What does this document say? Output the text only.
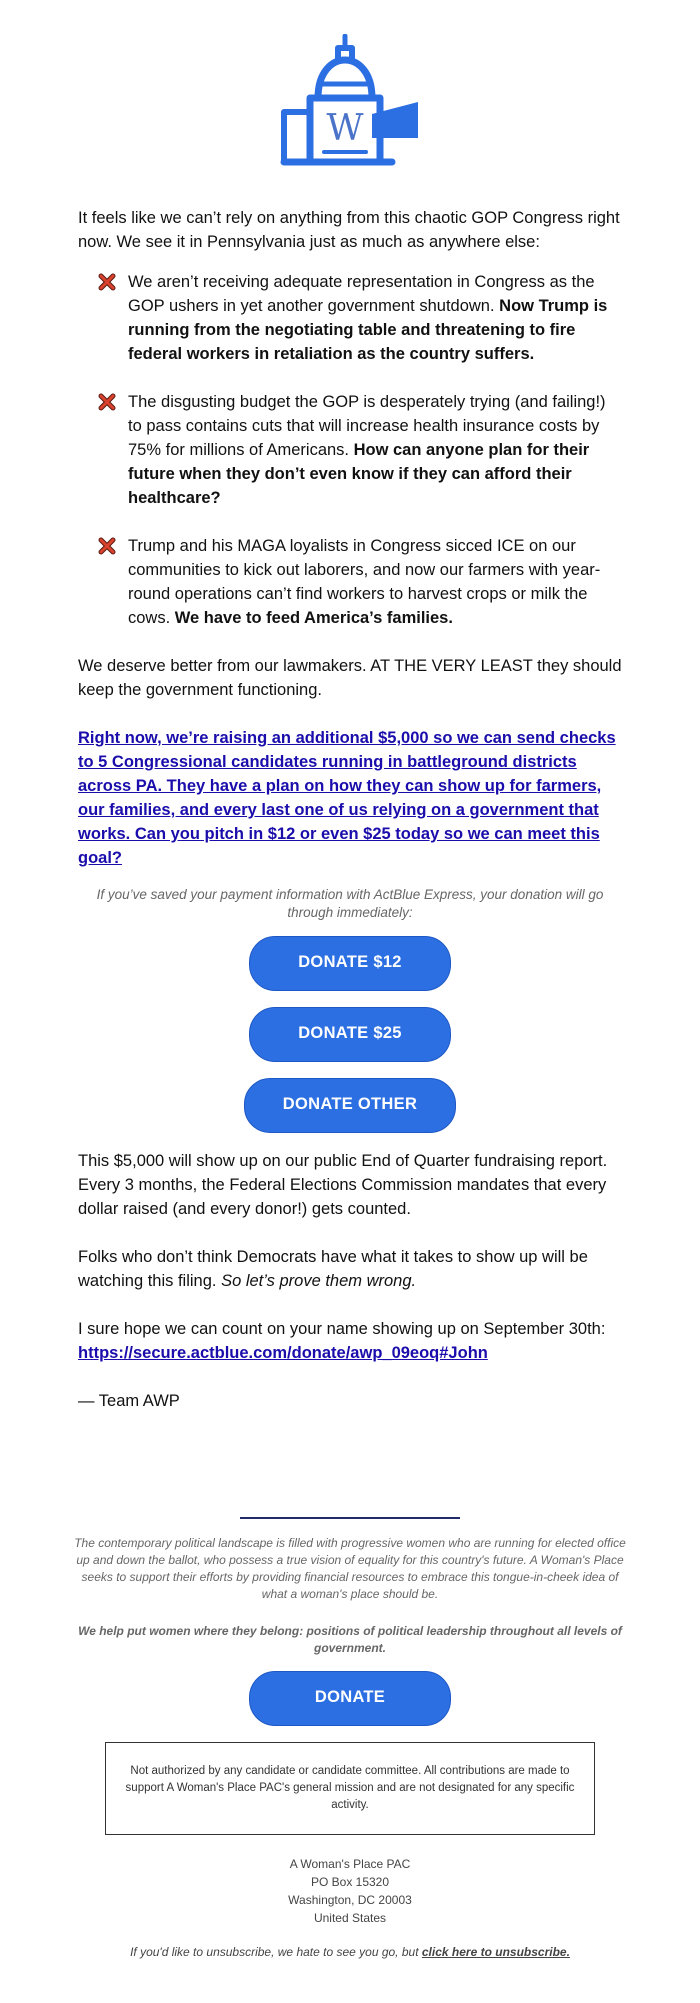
W

It feels like we can’t rely on anything from this chaotic GOP Congress right now. We see it in Pennsylvania just as much as anywhere else:

We aren’t receiving adequate representation in Congress as the GOP ushers in yet another government shutdown. Now Trump is running from the negotiating table and threatening to fire federal workers in retaliation as the country suffers.
The disgusting budget the GOP is desperately trying (and failing!) to pass contains cuts that will increase health insurance costs by 75% for millions of Americans. How can anyone plan for their future when they don’t even know if they can afford their healthcare?
Trump and his MAGA loyalists in Congress sicced ICE on our communities to kick out laborers, and now our farmers with year-round operations can’t find workers to harvest crops or milk the cows. We have to feed America’s families.

We deserve better from our lawmakers. AT THE VERY LEAST they should keep the government functioning.

Right now, we’re raising an additional $5,000 so we can send checks to 5 Congressional candidates running in battleground districts across PA. They have a plan on how they can show up for farmers, our families, and every last one of us relying on a government that works. Can you pitch in $12 or even $25 today so we can meet this goal?

If you’ve saved your payment information with ActBlue Express, your donation will go through immediately:

DONATE $12
DONATE $25
DONATE OTHER

This $5,000 will show up on our public End of Quarter fundraising report. Every 3 months, the Federal Elections Commission mandates that every dollar raised (and every donor!) gets counted.

Folks who don’t think Democrats have what it takes to show up will be watching this filing. So let’s prove them wrong.

I sure hope we can count on your name showing up on September 30th:
https://secure.actblue.com/donate/awp_09eoq#John

— Team AWP

The contemporary political landscape is filled with progressive women who are running for elected office up and down the ballot, who possess a true vision of equality for this country's future. A Woman's Place seeks to support their efforts by providing financial resources to embrace this tongue-in-cheek idea of what a woman's place should be.

We help put women where they belong: positions of political leadership throughout all levels of government.

DONATE
Not authorized by any candidate or candidate committee. All contributions are made to support A Woman's Place PAC's general mission and are not designated for any specific activity.
A Woman's Place PAC
PO Box 15320
Washington, DC 20003
United States
If you'd like to unsubscribe, we hate to see you go, but click here to unsubscribe.
